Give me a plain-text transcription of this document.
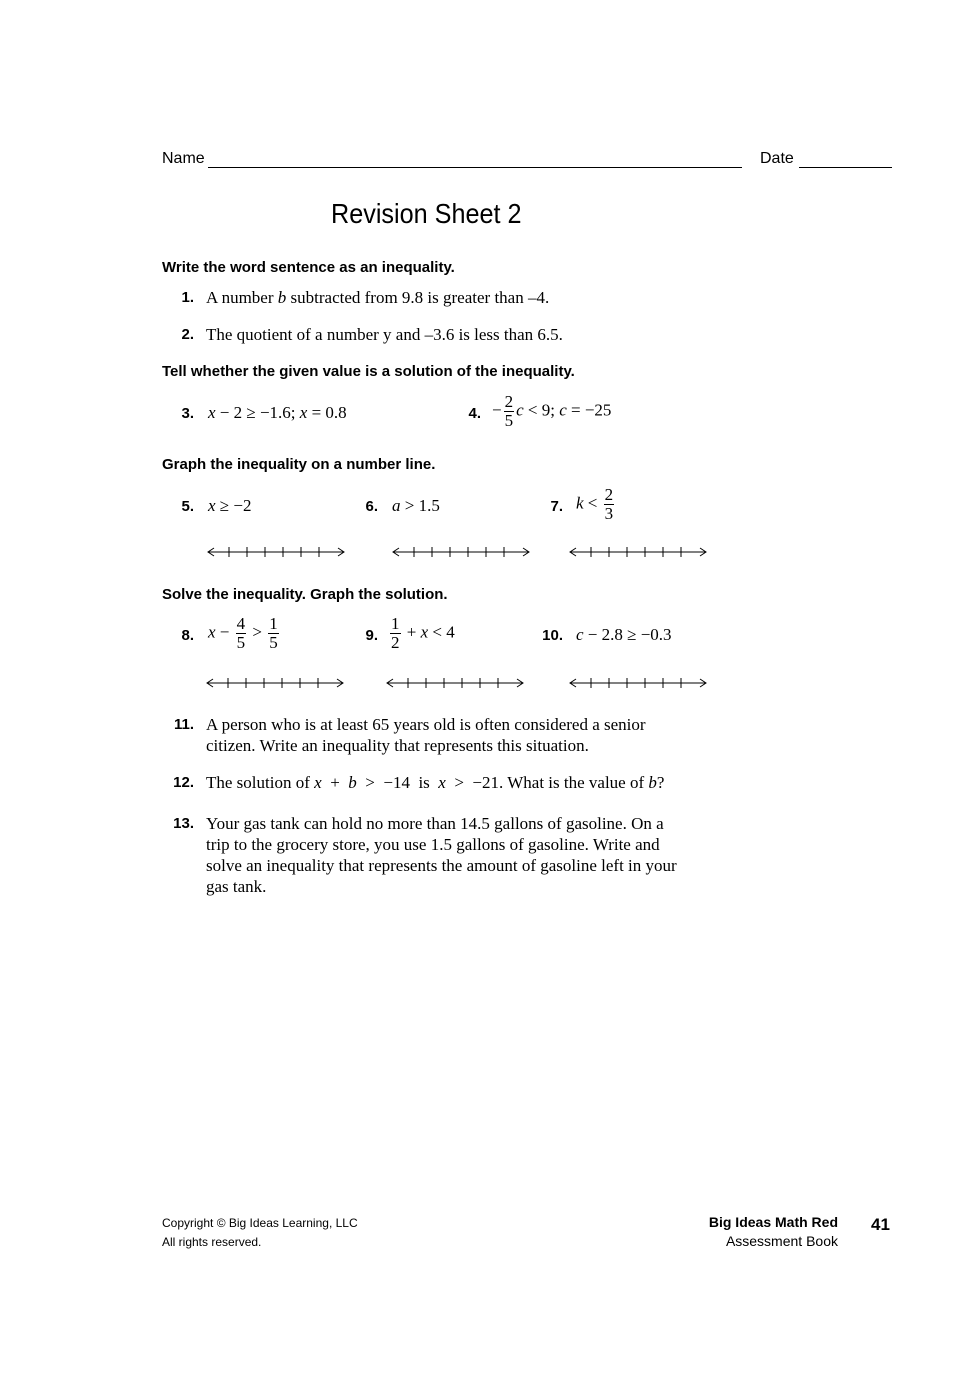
Name	Date
Revision Sheet 2
Write the word sentence as an inequality.
1. A number b subtracted from 9.8 is greater than –4.
2. The quotient of a number y and –3.6 is less than 6.5.
Tell whether the given value is a solution of the inequality.
3. x − 2 ≥ −1.6; x = 0.8	4. − $\frac{2}{5}$ c < 9; c = −25
Graph the inequality on a number line.
5. x ≥ −2	6. a > 1.5	7. $k < \frac{2}{3}$
Solve the inequality. Graph the solution.
8. $x - \frac{4}{5} > \frac{1}{5}$	9. $\frac{1}{2} + x < 4$	10. c − 2.8 ≥ −0.3
11. A person who is at least 65 years old is often considered a senior
citizen. Write an inequality that represents this situation.
12. The solution of x  +  b  >  −14  is  x  >  −21. What is the value of b?
13. Your gas tank can hold no more than 14.5 gallons of gasoline. On a
trip to the grocery store, you use 1.5 gallons of gasoline. Write and
solve an inequality that represents the amount of gasoline left in your
gas tank.
Copyright © Big Ideas Learning, LLC
All rights reserved.
Big Ideas Math Red
Assessment Book
41
